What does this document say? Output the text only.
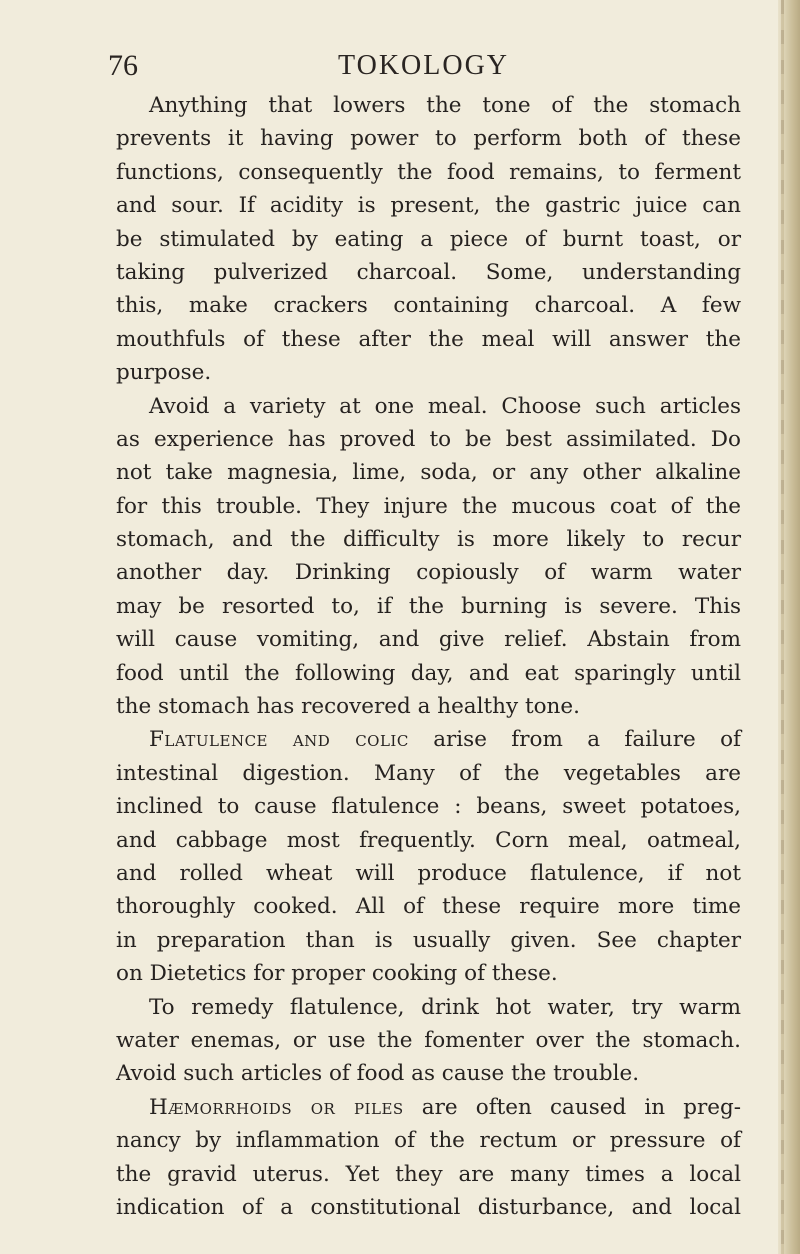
76	TOKOLOGY
Anything that lowers the tone of the stomach
prevents it having power to perform both of these
functions, consequently the food remains, to ferment
and sour. If acidity is present, the gastric juice can
be stimulated by eating a piece of burnt toast, or
taking pulverized charcoal. Some, understanding
this, make crackers containing charcoal. A few
mouthfuls of these after the meal will answer the
purpose.
Avoid a variety at one meal. Choose such articles
as experience has proved to be best assimilated. Do
not take magnesia, lime, soda, or any other alkaline
for this trouble. They injure the mucous coat of the
stomach, and the difficulty is more likely to recur
another day. Drinking copiously of warm water
may be resorted to, if the burning is severe. This
will cause vomiting, and give relief. Abstain from
food until the following day, and eat sparingly until
the stomach has recovered a healthy tone.
Flatulence and colic arise from a failure of
intestinal digestion. Many of the vegetables are
inclined to cause flatulence : beans, sweet potatoes,
and cabbage most frequently. Corn meal, oatmeal,
and rolled wheat will produce flatulence, if not
thoroughly cooked. All of these require more time
in preparation than is usually given. See chapter
on Dietetics for proper cooking of these.
To remedy flatulence, drink hot water, try warm
water enemas, or use the fomenter over the stomach.
Avoid such articles of food as cause the trouble.
Hæmorrhoids or piles are often caused in preg-
nancy by inflammation of the rectum or pressure of
the gravid uterus. Yet they are many times a local
indication of a constitutional disturbance, and local
